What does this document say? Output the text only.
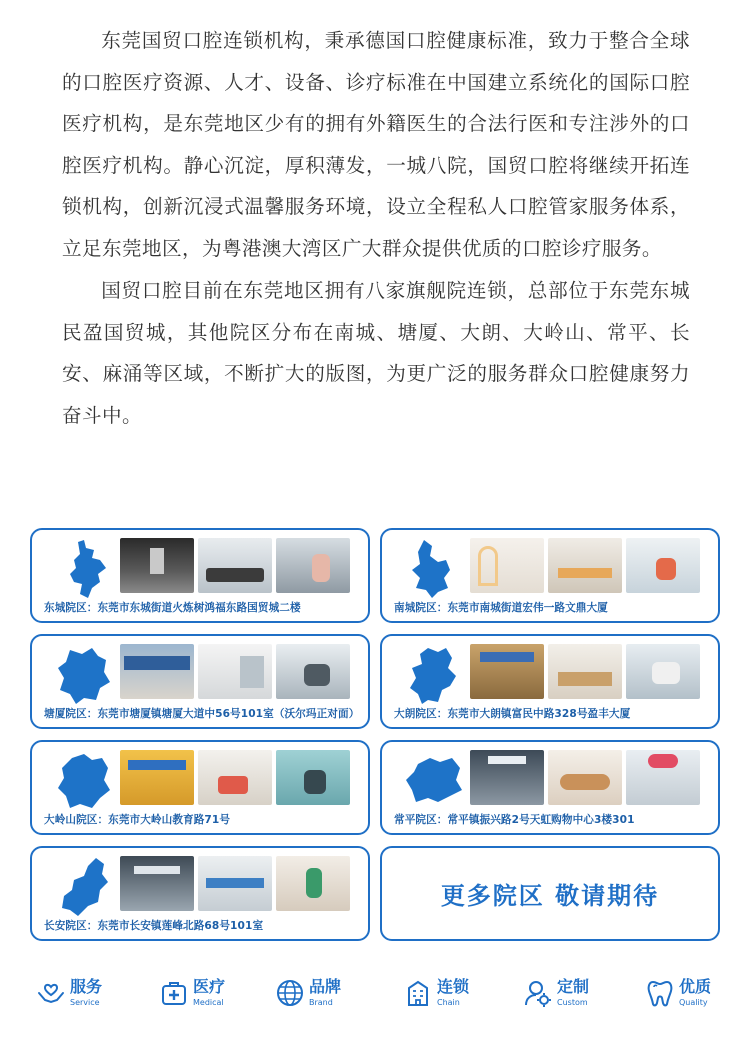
东莞国贸口腔连锁机构，秉承德国口腔健康标准，致力于整合全球的口腔医疗资源、人才、设备、诊疗标准在中国建立系统化的国际口腔医疗机构，是东莞地区少有的拥有外籍医生的合法行医和专注涉外的口腔医疗机构。静心沉淀，厚积薄发，一城八院，国贸口腔将继续开拓连锁机构，创新沉浸式温馨服务环境，设立全程私人口腔管家服务体系，立足东莞地区，为粤港澳大湾区广大群众提供优质的口腔诊疗服务。

国贸口腔目前在东莞地区拥有八家旗舰院连锁，总部位于东莞东城民盈国贸城，其他院区分布在南城、塘厦、大朗、大岭山、常平、长安、麻涌等区域，不断扩大的版图，为更广泛的服务群众口腔健康努力奋斗中。

东城院区：东莞市东城街道火炼树鸿福东路国贸城二楼	南城院区：东莞市南城街道宏伟一路文鼎大厦
塘厦院区：东莞市塘厦镇塘厦大道中56号101室（沃尔玛正对面）	大朗院区：东莞市大朗镇富民中路328号盈丰大厦
大岭山院区：东莞市大岭山教育路71号	常平院区：常平镇振兴路2号天虹购物中心3楼301
长安院区：东莞市长安镇莲峰北路68号101室
更多院区 敬请期待
服务
Service
医疗
Medical
品牌
Brand
连锁
Chain
定制
Custom
优质
Quality
